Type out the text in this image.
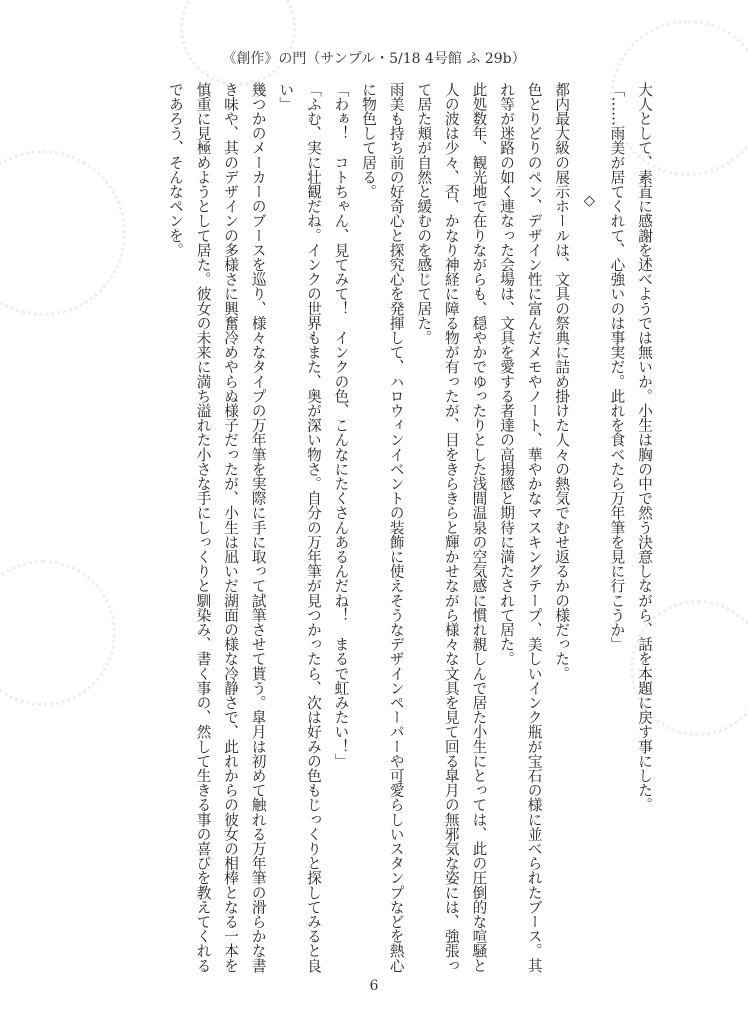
《創作》の門（サンプル・5/18 4号館 ふ 29b）

大人として、素直に感謝を述べようでは無いか。小生は胸の中で然う決意しながら、話を本題に戻す事にした。

「……雨美が居てくれて、心強いのは事実だ。此れを食べたら万年筆を見に行こうか」

◇

都内最大級の展示ホールは、文具の祭典に詰め掛けた人々の熱気でむせ返るかの様だった。

色とりどりのペン、デザイン性に富んだメモやノート、華やかなマスキングテープ、美しいインク瓶が宝石の様に並べられたブース。其れ等が迷路の如く連なった会場は、文具を愛する者達の高揚感と期待に満たされて居た。

此処数年、観光地で在りながらも、穏やかでゆったりとした浅間温泉の空気感に慣れ親しんで居た小生にとっては、此の圧倒的な喧騒と人の波は少々、否、かなり神経に障る物が有ったが、目をきらきらと輝かせながら様々な文具を見て回る皐月の無邪気な姿には、強張って居た頬が自然と緩むのを感じて居た。

雨美も持ち前の好奇心と探究心を発揮して、ハロウィンイベントの装飾に使えそうなデザインペーパーや可愛らしいスタンプなどを熱心に物色して居る。

「わぁ！　コトちゃん、見てみて！　インクの色、こんなにたくさんあるんだね！　まるで虹みたい！」

「ふむ、実に壮観だね。インクの世界もまた、奥が深い物さ。自分の万年筆が見つかったら、次は好みの色もじっくりと探してみると良い」

幾つかのメーカーのブースを巡り、様々なタイプの万年筆を実際に手に取って試筆させて貰う。皐月は初めて触れる万年筆の滑らかな書き味や、其のデザインの多様さに興奮冷めやらぬ様子だったが、小生は凪いだ湖面の様な冷静さで、此れからの彼女の相棒となる一本を慎重に見極めようとして居た。彼女の未来に満ち溢れた小さな手にしっくりと馴染み、書く事の、然して生きる事の喜びを教えてくれるであろう、そんなペンを。

6
